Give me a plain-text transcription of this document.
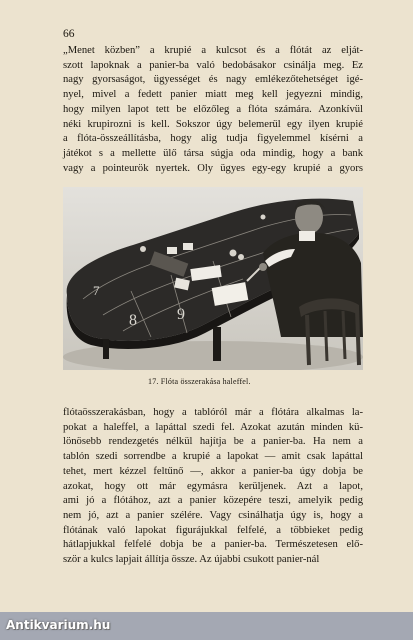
66
„Menet közben” a krupié a kulcsot és a flótát az elját-
szott lapoknak a panier-ba való bedobásakor csinálja meg. Ez
nagy gyorsaságot, ügyességet és nagy emlékezőtehetséget igé-
nyel, mivel a fedett panier miatt meg kell jegyezni mindig,
hogy milyen lapot tett be előzőleg a flóta számára. Azonkívül
néki krupirozni is kell. Sokszor úgy belemerül egy ilyen krupié
a flóta-összeállításba, hogy alig tudja figyelemmel kísérni a
játékot s a mellette ülő társa súgja oda mindig, hogy a bank
vagy a pointeurök nyertek. Oly ügyes egy-egy krupié a gyors
7
8	9
17. Flóta összerakása haleffel.
flótaösszerakásban, hogy a tablóról már a flótára alkalmas la-
pokat a haleffel, a lapáttal szedi fel. Azokat azután minden kü-
lönösebb rendezgetés nélkül hajítja be a panier-ba. Ha nem a
tablón szedi sorrendbe a krupié a lapokat — amit csak lapáttal
tehet, mert kézzel feltűnő —, akkor a panier-ba úgy dobja be
azokat, hogy ott már egymásra kerüljenek. Azt a lapot,
ami jó a flótához, azt a panier közepére teszi, amelyik pedig
nem jó, azt a panier szélére. Vagy csinálhatja úgy is, hogy a
flótának való lapokat figurájukkal felfelé, a többieket pedig
hátlapjukkal felfelé dobja be a panier-ba. Természetesen elő-
ször a kulcs lapjait állítja össze. Az újabbi csukott panier-nál
Antikvarium.hu
